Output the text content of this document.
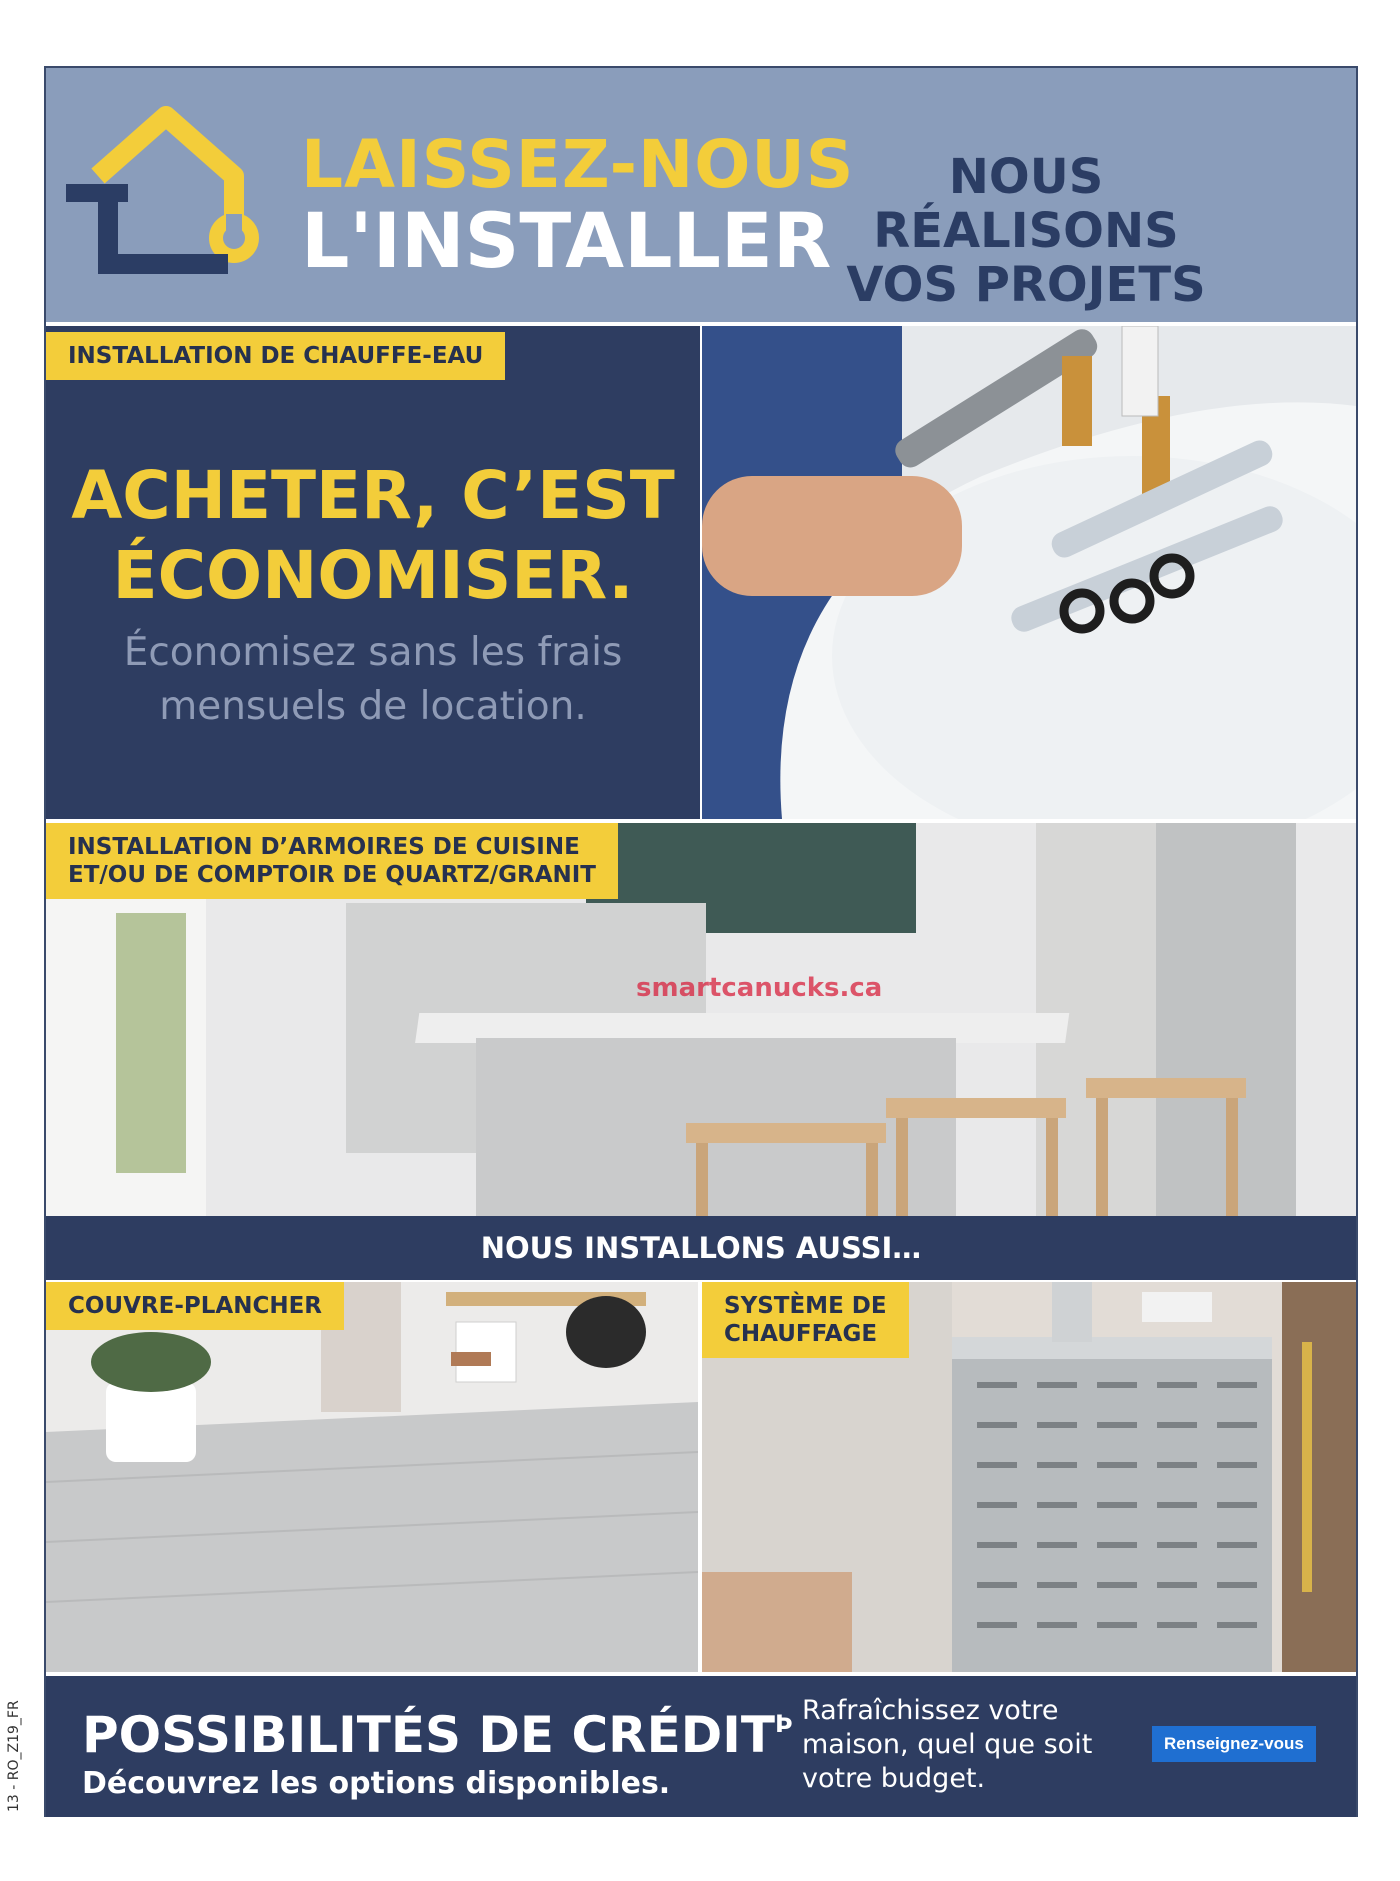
LAISSEZ-NOUS
L'INSTALLER
NOUS RÉALISONS
VOS PROJETS
INSTALLATION DE CHAUFFE-EAU
ACHETER, C’EST
ÉCONOMISER.
Économisez sans les frais
mensuels de location.
INSTALLATION D’ARMOIRES DE CUISINE
ET/OU DE COMPTOIR DE QUARTZ/GRANIT
smartcanucks.ca
NOUS INSTALLONS AUSSI…
COUVRE-PLANCHER	SYSTÈME DE
CHAUFFAGE
POSSIBILITÉS DE $CRÉDIT^Þ$
Découvrez les options disponibles.
Rafraîchissez votre
maison, quel que soit
votre budget.
Renseignez-vous
13 - RO_Z19_FR
